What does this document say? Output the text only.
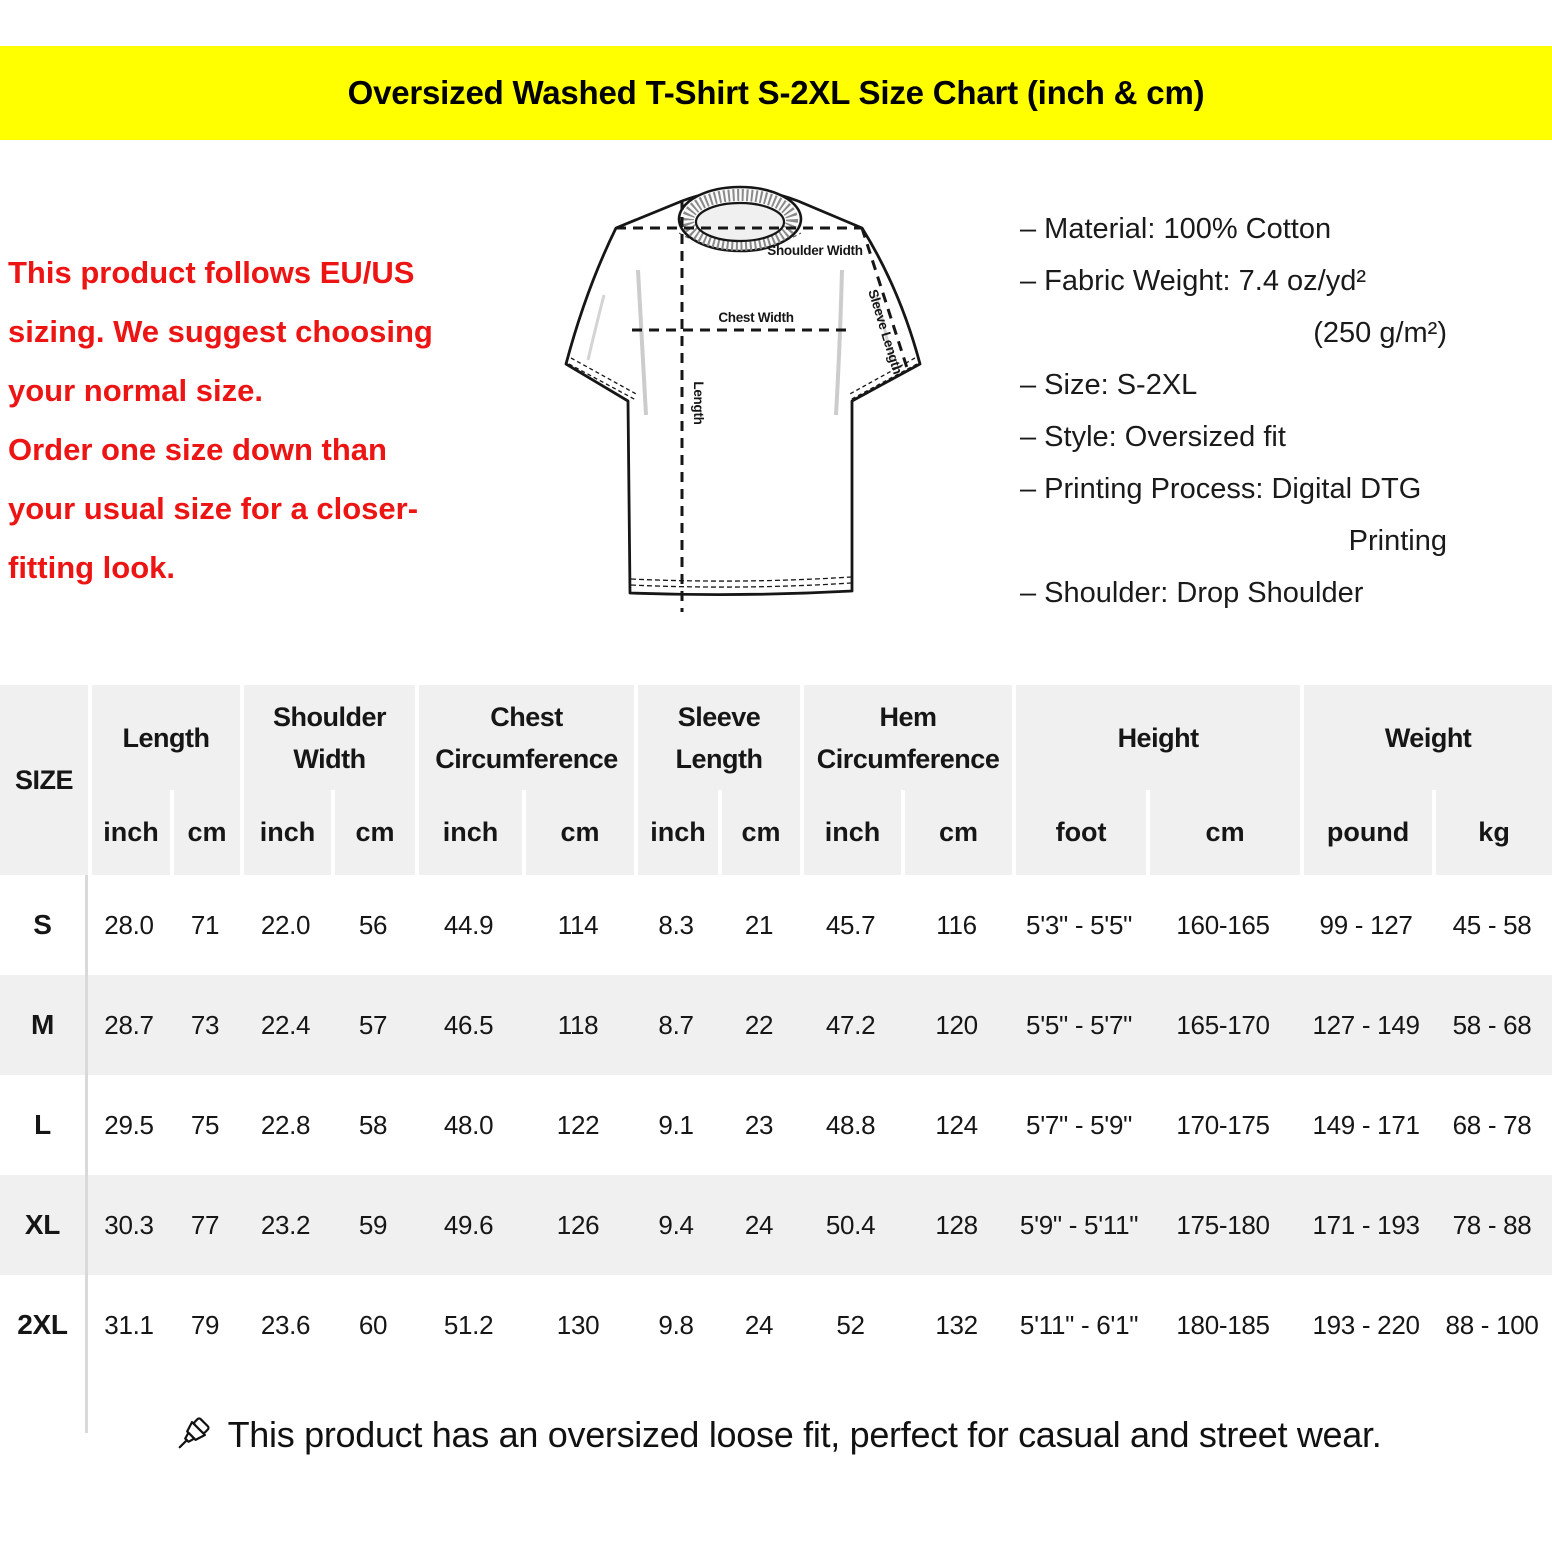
Oversized Washed T-Shirt S-2XL Size Chart (inch & cm)
This product follows EU/US
sizing. We suggest choosing
your normal size.
Order one size down than
your usual size for a closer-
fitting look.
Shoulder Width
Chest Width
Length
Sleeve Length
– Material: 100% Cotton
– Fabric Weight: 7.4 oz/yd²
(250 g/m²)
– Size: S-2XL
– Style: Oversized fit
– Printing Process: Digital DTG
Printing
– Shoulder: Drop Shoulder
SIZE	Length		Shoulder Width		Chest Circumference		Sleeve Length		Hem Circumference		Height		Weight	
	inch	cm	inch	cm	inch	cm	inch	cm	inch	cm	foot	cm	pound	kg
S	28.0	71	22.0	56	44.9	114	8.3	21	45.7	116	5'3" - 5'5"	160-165	99 - 127	45 - 58
M	28.7	73	22.4	57	46.5	118	8.7	22	47.2	120	5'5" - 5'7"	165-170	127 - 149	58 - 68
L	29.5	75	22.8	58	48.0	122	9.1	23	48.8	124	5'7" - 5'9"	170-175	149 - 171	68 - 78
XL	30.3	77	23.2	59	49.6	126	9.4	24	50.4	128	5'9" - 5'11"	175-180	171 - 193	78 - 88
2XL	31.1	79	23.6	60	51.2	130	9.8	24	52	132	5'11" - 6'1"	180-185	193 - 220	88 - 100
This product has an oversized loose fit, perfect for casual and street wear.
